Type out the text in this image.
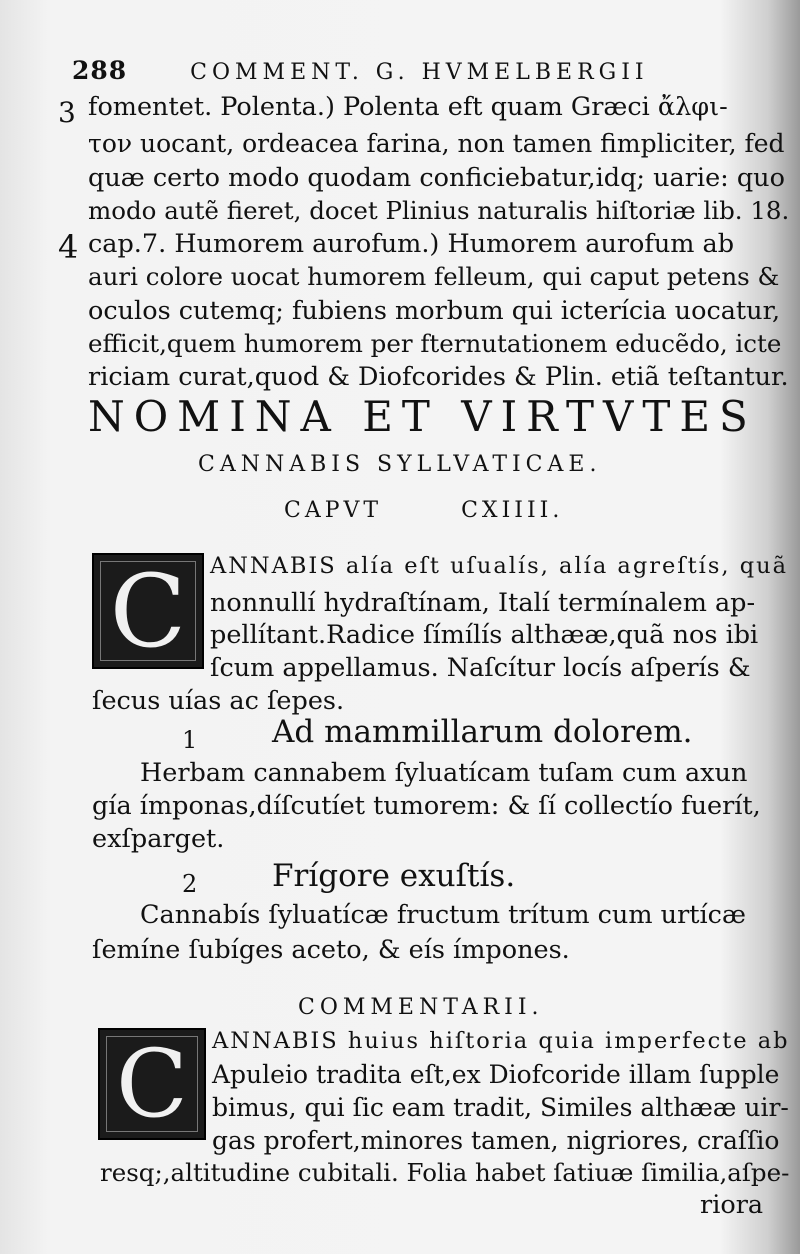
288	COMMENT. G. HVMELBERGII
3
4
fomentet. Polenta.) Polenta eft quam Græci ἄλφι-
τον uocant, ordeacea farina, non tamen fimpliciter, fed
quæ certo modo quodam conficiebatur,idq; uarie: quo
modo autẽ fieret, docet Plinius naturalis hiſtoriæ lib. 18.
cap.7. Humorem aurofum.) Humorem aurofum ab
auri colore uocat humorem felleum, qui caput petens &
oculos cutemq; fubiens morbum qui icterícia uocatur,
efficit,quem humorem per fternutationem educẽdo, icte
riciam curat,quod & Diofcorides & Plin. etiã teſtantur.
NOMINA ET VIRTVTES
CANNABIS SYLLVATICAE.
CAPVT	CXIIII.
C ANNABIS alía eſt uſualís, alía agreſtís, quã
nonnullí hydraſtínam, Italí termínalem ap-
pellítant.Radice ſímílís althææ,quã nos ibi
ſcum appellamus. Naſcítur locís aſperís &
ſecus uías ac ſepes.
1 Ad mammillarum dolorem.
Herbam cannabem ſyluatícam tuſam cum axun
gía ímponas,díſcutíet tumorem: & ſí collectío fuerít,
exſparget.
2 Frígore exuſtís.
Cannabís ſyluatícæ fructum trítum cum urtícæ
ſemíne ſubíges aceto, & eís ímpones.
COMMENTARII.
C ANNABIS huius hiſtoria quia imperfecte ab
Apuleio tradita eſt,ex Diofcoride illam ſupple
bimus, qui ſic eam tradit, Similes althææ uir-
gas profert,minores tamen, nigriores, craſſio
resq;,altitudine cubitali. Folia habet ſatiuæ ſimilia,aſpe-
riora
